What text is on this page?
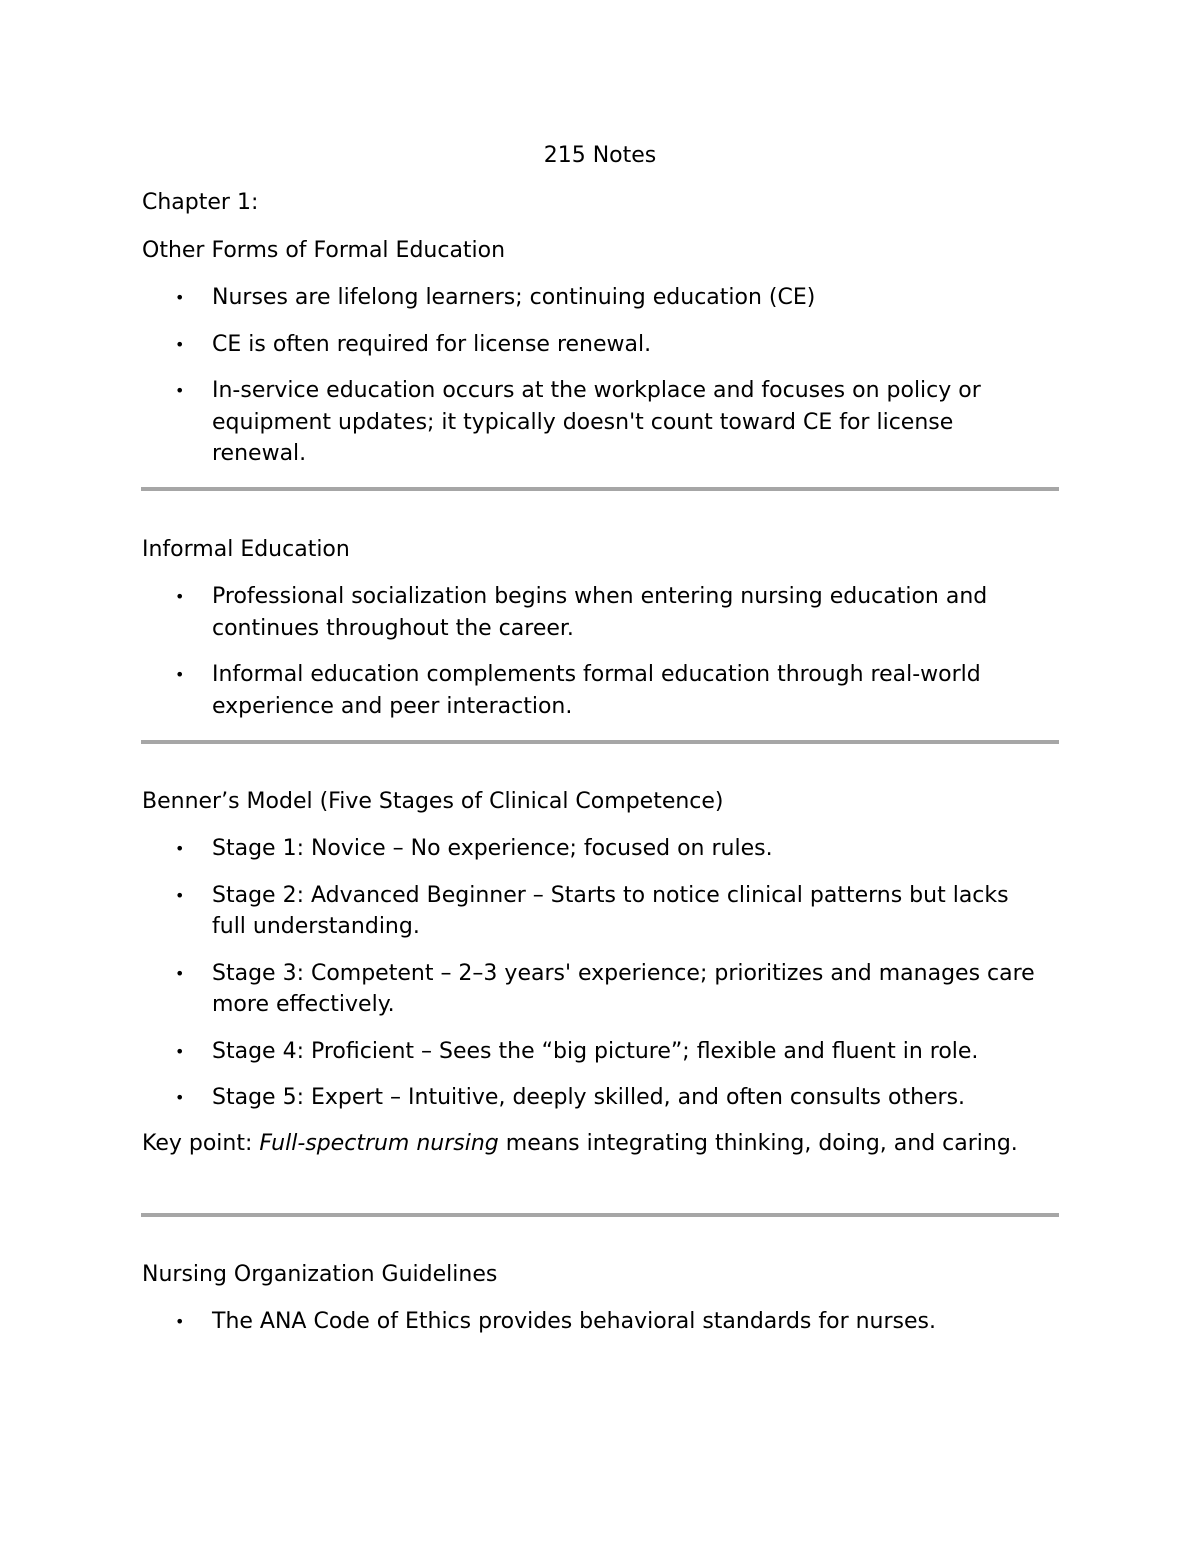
215 Notes
Chapter 1:
Other Forms of Formal Education
• Nurses are lifelong learners; continuing education (CE)
• CE is often required for license renewal.
• In-service education occurs at the workplace and focuses on policy or equipment updates; it typically doesn't count toward CE for license renewal.
Informal Education
• Professional socialization begins when entering nursing education and continues throughout the career.
• Informal education complements formal education through real-world experience and peer interaction.
Benner’s Model (Five Stages of Clinical Competence)
• Stage 1: Novice – No experience; focused on rules.
• Stage 2: Advanced Beginner – Starts to notice clinical patterns but lacks full understanding.
• Stage 3: Competent – 2–3 years' experience; prioritizes and manages care more effectively.
• Stage 4: Proficient – Sees the “big picture”; flexible and fluent in role.
• Stage 5: Expert – Intuitive, deeply skilled, and often consults others.
Key point: Full-spectrum nursing means integrating thinking, doing, and caring.
Nursing Organization Guidelines
• The ANA Code of Ethics provides behavioral standards for nurses.
